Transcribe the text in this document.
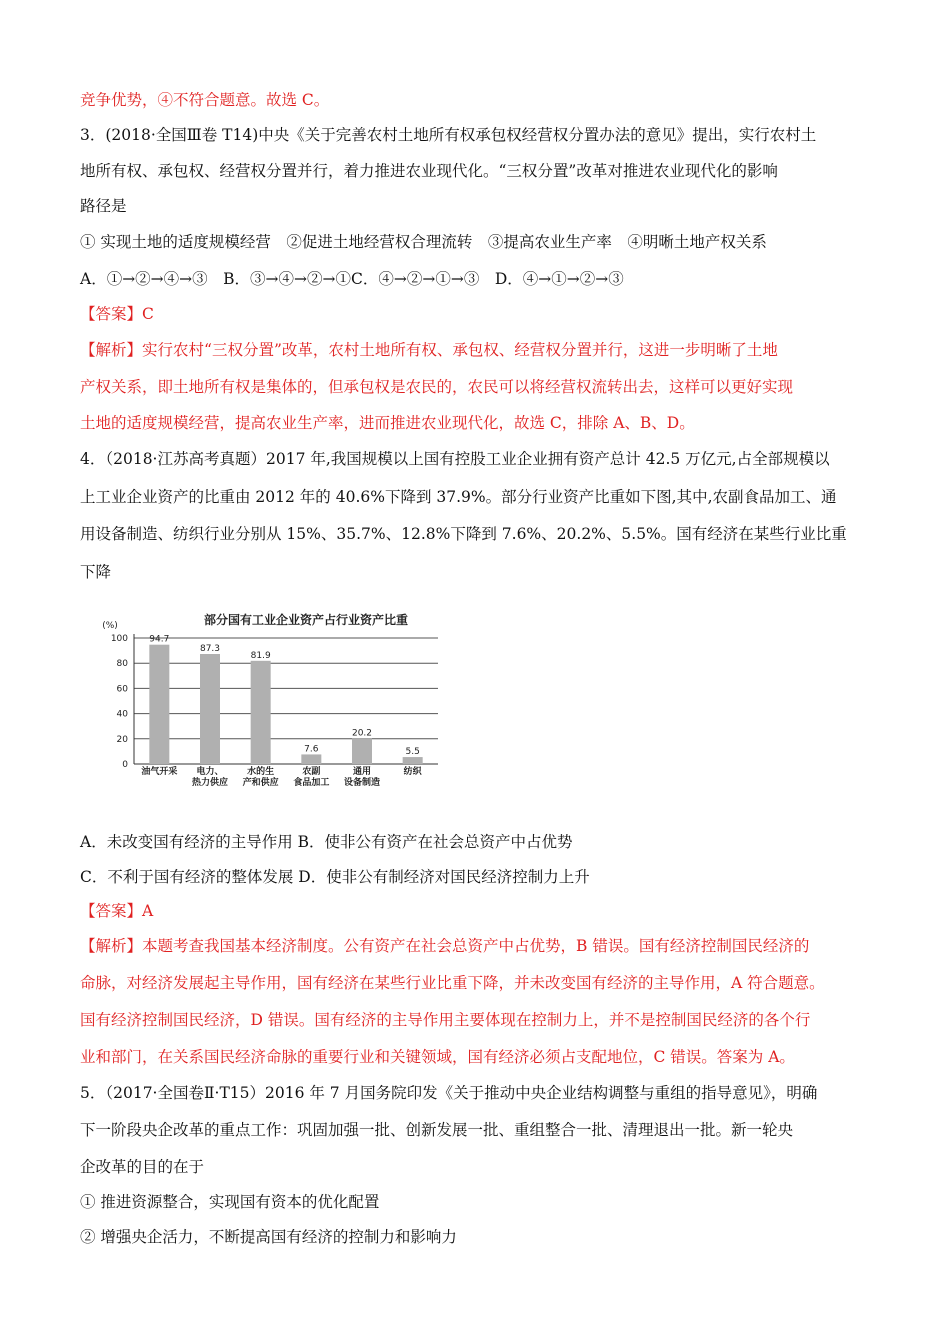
竞争优势，④不符合题意。故选 C。
3．(2018·全国Ⅲ卷 T14)中央《关于完善农村土地所有权承包权经营权分置办法的意见》提出，实行农村土
地所有权、承包权、经营权分置并行，着力推进农业现代化。“三权分置”改革对推进农业现代化的影响
路径是
① 实现土地的适度规模经营　②促进土地经营权合理流转　③提高农业生产率　④明晰土地产权关系
A．①→②→④→③　B．③→④→②→①C．④→②→①→③　D．④→①→②→③
【答案】C
【解析】实行农村“三权分置”改革，农村土地所有权、承包权、经营权分置并行，这进一步明晰了土地
产权关系，即土地所有权是集体的，但承包权是农民的，农民可以将经营权流转出去，这样可以更好实现
土地的适度规模经营，提高农业生产率，进而推进农业现代化，故选 C，排除 A、B、D。
4．（2018·江苏高考真题）2017 年,我国规模以上国有控股工业企业拥有资产总计 42.5 万亿元,占全部规模以
上工业企业资产的比重由 2012 年的 40.6%下降到 37.9%。部分行业资产比重如下图,其中,农副食品加工、通
用设备制造、纺织行业分别从 15%、35.7%、12.8%下降到 7.6%、20.2%、5.5%。国有经济在某些行业比重
下降
部分国有工业企业资产占行业资产比重
(%)
0
20
40
60
80
100 94.7
油气开采
87.3
电力、
热力供应
81.9
水的生
产和供应
7.6
农副
食品加工
20.2
通用
设备制造
5.5
纺织
A．未改变国有经济的主导作用 B．使非公有资产在社会总资产中占优势
C．不利于国有经济的整体发展 D．使非公有制经济对国民经济控制力上升
【答案】A
【解析】本题考查我国基本经济制度。公有资产在社会总资产中占优势，B 错误。国有经济控制国民经济的
命脉，对经济发展起主导作用，国有经济在某些行业比重下降，并未改变国有经济的主导作用，A 符合题意。
国有经济控制国民经济，D 错误。国有经济的主导作用主要体现在控制力上，并不是控制国民经济的各个行
业和部门，在关系国民经济命脉的重要行业和关键领域，国有经济必须占支配地位，C 错误。答案为 A。
5．（2017·全国卷Ⅱ·T15）2016 年 7 月国务院印发《关于推动中央企业结构调整与重组的指导意见》，明确
下一阶段央企改革的重点工作：巩固加强一批、创新发展一批、重组整合一批、清理退出一批。新一轮央
企改革的目的在于
① 推进资源整合，实现国有资本的优化配置
② 增强央企活力，不断提高国有经济的控制力和影响力
